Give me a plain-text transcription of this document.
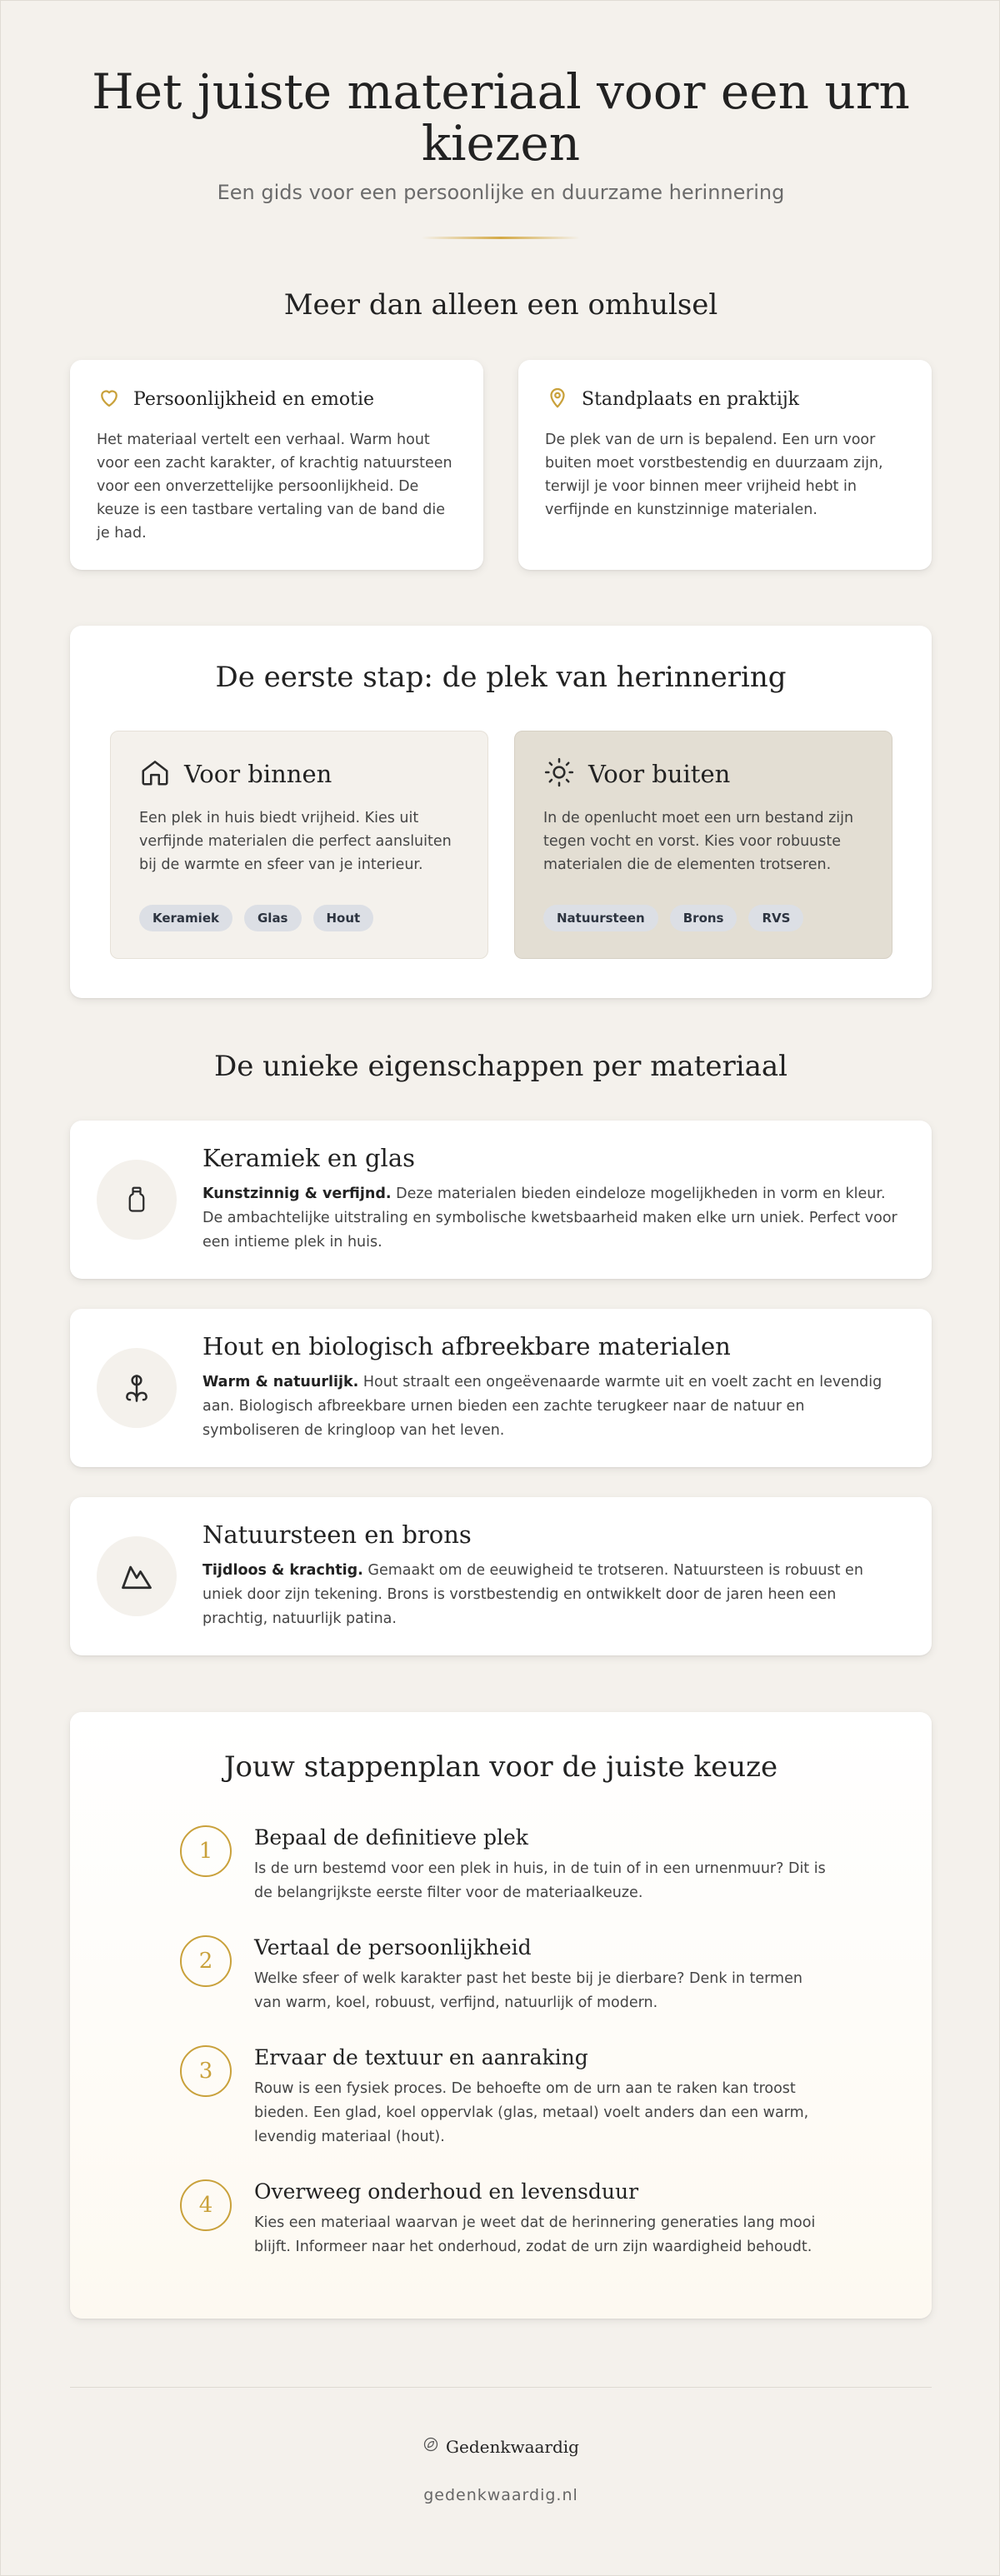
Het juiste materiaal voor een urn kiezen

Een gids voor een persoonlijke en duurzame herinnering

Meer dan alleen een omhulsel
Persoonlijkheid en emotie

Het materiaal vertelt een verhaal. Warm hout voor een zacht karakter, of krachtig natuursteen voor een onverzettelijke persoonlijkheid. De keuze is een tastbare vertaling van de band die je had.

Standplaats en praktijk

De plek van de urn is bepalend. Een urn voor buiten moet vorstbestendig en duurzaam zijn, terwijl je voor binnen meer vrijheid hebt in verfijnde en kunstzinnige materialen.

De eerste stap: de plek van herinnering
Voor binnen

Een plek in huis biedt vrijheid. Kies uit verfijnde materialen die perfect aansluiten bij de warmte en sfeer van je interieur.

Keramiek	Glas	Hout
Voor buiten

In de openlucht moet een urn bestand zijn tegen vocht en vorst. Kies voor robuuste materialen die de elementen trotseren.

Natuursteen	Brons	RVS
De unieke eigenschappen per materiaal
Keramiek en glas

Kunstzinnig & verfijnd. Deze materialen bieden eindeloze mogelijkheden in vorm en kleur. De ambachtelijke uitstraling en symbolische kwetsbaarheid maken elke urn uniek. Perfect voor een intieme plek in huis.

Hout en biologisch afbreekbare materialen

Warm & natuurlijk. Hout straalt een ongeëvenaarde warmte uit en voelt zacht en levendig aan. Biologisch afbreekbare urnen bieden een zachte terugkeer naar de natuur en symboliseren de kringloop van het leven.

Natuursteen en brons

Tijdloos & krachtig. Gemaakt om de eeuwigheid te trotseren. Natuursteen is robuust en uniek door zijn tekening. Brons is vorstbestendig en ontwikkelt door de jaren heen een prachtig, natuurlijk patina.

Jouw stappenplan voor de juiste keuze
1
Bepaal de definitieve plek

Is de urn bestemd voor een plek in huis, in de tuin of in een urnenmuur? Dit is de belangrijkste eerste filter voor de materiaalkeuze.

2
Vertaal de persoonlijkheid

Welke sfeer of welk karakter past het beste bij je dierbare? Denk in termen van warm, koel, robuust, verfijnd, natuurlijk of modern.

3
Ervaar de textuur en aanraking

Rouw is een fysiek proces. De behoefte om de urn aan te raken kan troost bieden. Een glad, koel oppervlak (glas, metaal) voelt anders dan een warm, levendig materiaal (hout).

4
Overweeg onderhoud en levensduur

Kies een materiaal waarvan je weet dat de herinnering generaties lang mooi blijft. Informeer naar het onderhoud, zodat de urn zijn waardigheid behoudt.

Gedenkwaardig

gedenkwaardig.nl
